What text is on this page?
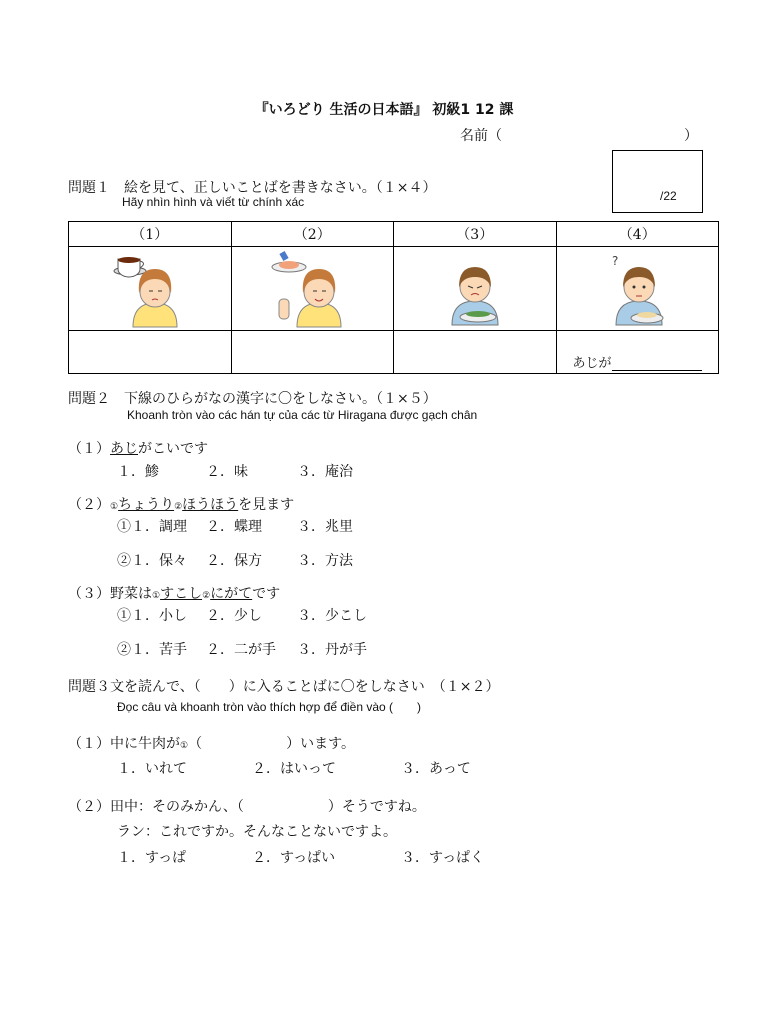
『いろどり 生活の日本語』 初級1 12 課
名前（	）
/22
問題１　絵を見て、正しいことばを書きなさい。（１×４）
Hãy nhìn hình và viết từ chính xác
（1）	（2）	（3）	（4）

?

			あじが
問題２　下線のひらがなの漢字に〇をしなさい。（１×５）
Khoanh tròn vào các hán tự của các từ Hiragana được gạch chân
（１）あじがこいです
１．鯵	２．味	３．庵治
（２）①ちょうり②ほうほうを見ます
①１．調理 ２．蝶理	３．兆里
②１．保々 ２．保方	３．方法
（３）野菜は①すこし②にがてです
①１．小し ２．少し	３．少こし
②１．苦手 ２．二が手 ３．丹が手
問題３文を読んで、（　　）に入ることばに〇をしなさい　（１×２）
Đọc câu và khoanh tròn vào thích hợp để điền vào (　　)
（１）中に牛肉が①（　　　　　　）います。
１．いれて	２．はいって	３．あって
（２）田中：そのみかん、（　　　　　　）そうですね。
ラン：これですか。そんなことないですよ。
１．すっぱ	２．すっぱい	３．すっぱく
